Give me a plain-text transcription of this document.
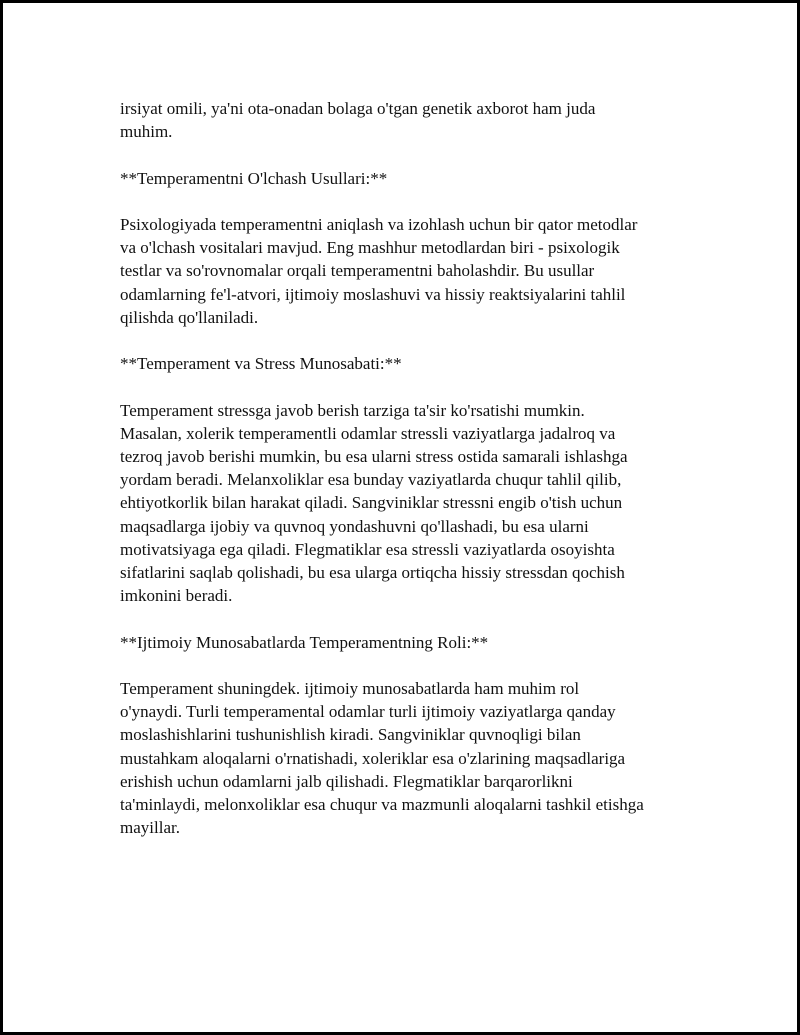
irsiyat omili, ya'ni ota-onadan bolaga o'tgan genetik axborot ham juda
muhim.

**Temperamentni O'lchash Usullari:**

Psixologiyada temperamentni aniqlash va izohlash uchun bir qator metodlar
va o'lchash vositalari mavjud. Eng mashhur metodlardan biri - psixologik
testlar va so'rovnomalar orqali temperamentni baholashdir. Bu usullar
odamlarning fe'l-atvori, ijtimoiy moslashuvi va hissiy reaktsiyalarini tahlil
qilishda qo'llaniladi.

**Temperament va Stress Munosabati:**

Temperament stressga javob berish tarziga ta'sir ko'rsatishi mumkin.
Masalan, xolerik temperamentli odamlar stressli vaziyatlarga jadalroq va
tezroq javob berishi mumkin, bu esa ularni stress ostida samarali ishlashga
yordam beradi. Melanxoliklar esa bunday vaziyatlarda chuqur tahlil qilib,
ehtiyotkorlik bilan harakat qiladi. Sangviniklar stressni engib o'tish uchun
maqsadlarga ijobiy va quvnoq yondashuvni qo'llashadi, bu esa ularni
motivatsiyaga ega qiladi. Flegmatiklar esa stressli vaziyatlarda osoyishta
sifatlarini saqlab qolishadi, bu esa ularga ortiqcha hissiy stressdan qochish
imkonini beradi.

**Ijtimoiy Munosabatlarda Temperamentning Roli:**

Temperament shuningdek. ijtimoiy munosabatlarda ham muhim rol
o'ynaydi. Turli temperamental odamlar turli ijtimoiy vaziyatlarga qanday
moslashishlarini tushunishlish kiradi. Sangviniklar quvnoqligi bilan
mustahkam aloqalarni o'rnatishadi, xoleriklar esa o'zlarining maqsadlariga
erishish uchun odamlarni jalb qilishadi. Flegmatiklar barqarorlikni
ta'minlaydi, melonxoliklar esa chuqur va mazmunli aloqalarni tashkil etishga
mayillar.
